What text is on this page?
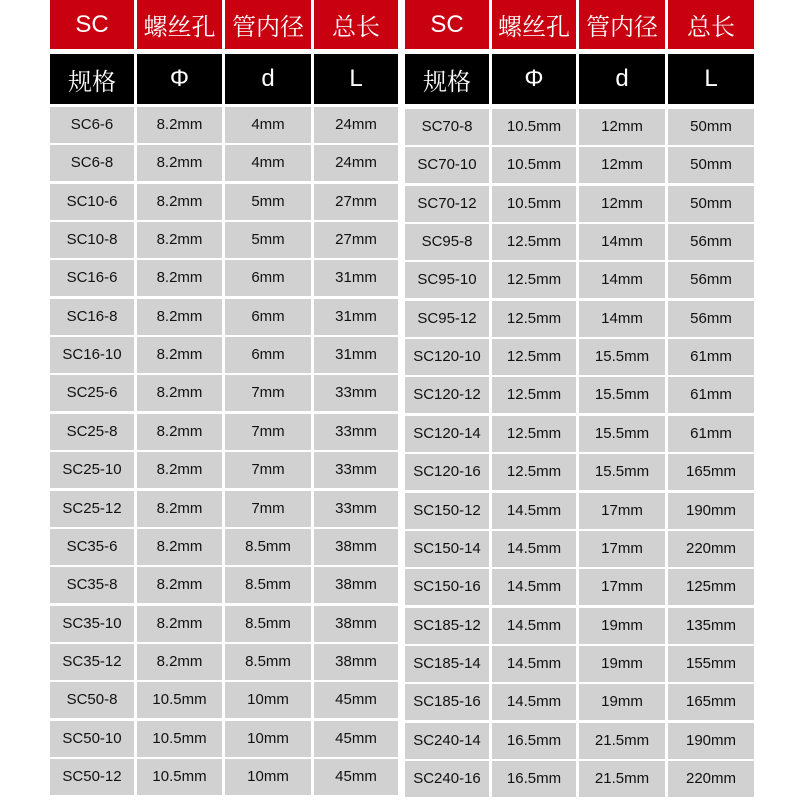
SC	螺丝孔 管内径	总长
规格	Φ	d	L
SC6-6	8.2mm	4mm	24mm
SC6-8	8.2mm	4mm	24mm
SC10-6	8.2mm	5mm	27mm
SC10-8	8.2mm	5mm	27mm
SC16-6	8.2mm	6mm	31mm
SC16-8	8.2mm	6mm	31mm
SC16-10	8.2mm	6mm	31mm
SC25-6	8.2mm	7mm	33mm
SC25-8	8.2mm	7mm	33mm
SC25-10	8.2mm	7mm	33mm
SC25-12	8.2mm	7mm	33mm
SC35-6	8.2mm	8.5mm	38mm
SC35-8	8.2mm	8.5mm	38mm
SC35-10	8.2mm	8.5mm	38mm
SC35-12	8.2mm	8.5mm	38mm
SC50-8	10.5mm	10mm	45mm
SC50-10	10.5mm	10mm	45mm
SC50-12	10.5mm	10mm	45mm
SC	螺丝孔 管内径	总长
规格	Φ	d	L
SC70-8	10.5mm	12mm	50mm
SC70-10	10.5mm	12mm	50mm
SC70-12	10.5mm	12mm	50mm
SC95-8	12.5mm	14mm	56mm
SC95-10	12.5mm	14mm	56mm
SC95-12	12.5mm	14mm	56mm
SC120-10	12.5mm	15.5mm	61mm
SC120-12	12.5mm	15.5mm	61mm
SC120-14	12.5mm	15.5mm	61mm
SC120-16	12.5mm	15.5mm	165mm
SC150-12	14.5mm	17mm	190mm
SC150-14	14.5mm	17mm	220mm
SC150-16	14.5mm	17mm	125mm
SC185-12	14.5mm	19mm	135mm
SC185-14	14.5mm	19mm	155mm
SC185-16	14.5mm	19mm	165mm
SC240-14	16.5mm	21.5mm	190mm
SC240-16	16.5mm	21.5mm	220mm
